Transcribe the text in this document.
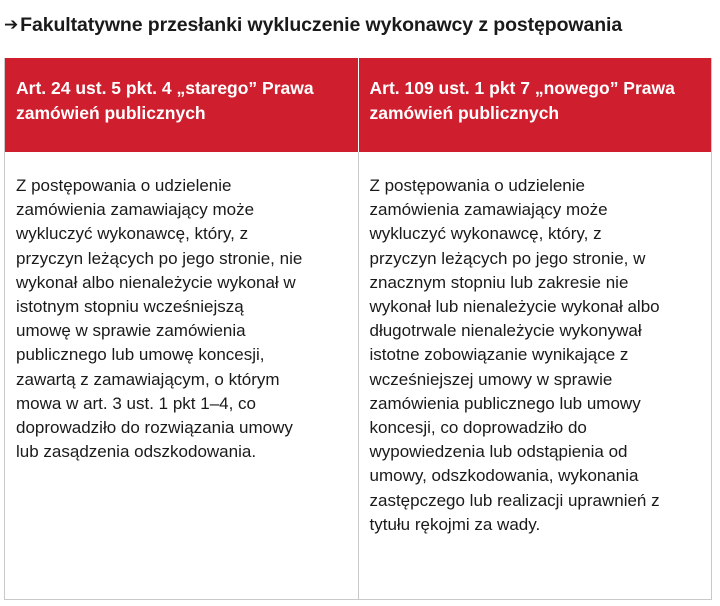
➔ Fakultatywne przesłanki wykluczenie wykonawcy z postępowania
Art. 24 ust. 5 pkt. 4 „starego” Prawa
zamówień publicznych
Art. 109 ust. 1 pkt 7 „nowego” Prawa
zamówień publicznych
Z postępowania o udzielenie
zamówienia zamawiający może
wykluczyć wykonawcę, który, z
przyczyn leżących po jego stronie, nie
wykonał albo nienależycie wykonał w
istotnym stopniu wcześniejszą
umowę w sprawie zamówienia
publicznego lub umowę koncesji,
zawartą z zamawiającym, o którym
mowa w art. 3 ust. 1 pkt 1–4, co
doprowadziło do rozwiązania umowy
lub zasądzenia odszkodowania.
Z postępowania o udzielenie
zamówienia zamawiający może
wykluczyć wykonawcę, który, z
przyczyn leżących po jego stronie, w
znacznym stopniu lub zakresie nie
wykonał lub nienależycie wykonał albo
długotrwale nienależycie wykonywał
istotne zobowiązanie wynikające z
wcześniejszej umowy w sprawie
zamówienia publicznego lub umowy
koncesji, co doprowadziło do
wypowiedzenia lub odstąpienia od
umowy, odszkodowania, wykonania
zastępczego lub realizacji uprawnień z
tytułu rękojmi za wady.
